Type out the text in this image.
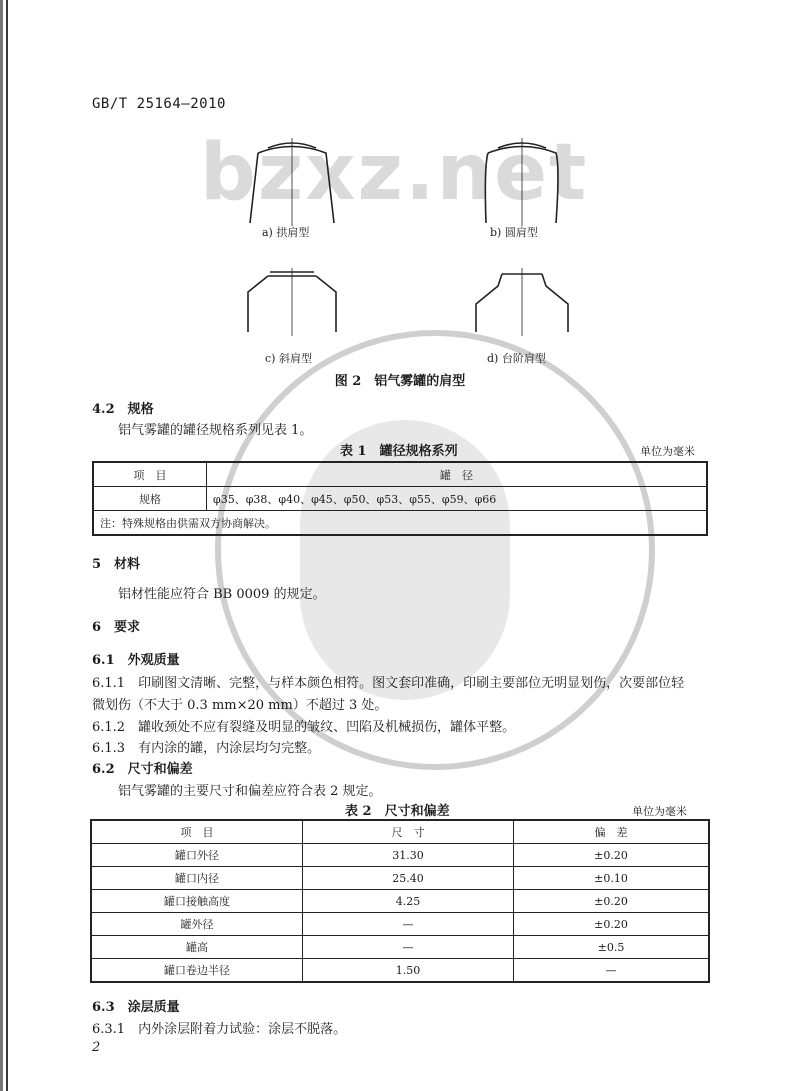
GB/T 25164—2010
bzxz.net
a) 拱肩型	b) 圆肩型
c) 斜肩型	d) 台阶肩型
图 2　铝气雾罐的肩型
4.2　规格
铝气雾罐的罐径规格系列见表 1。
表 1　罐径规格系列	单位为毫米
项　目	罐　径
规格	φ35、φ38、φ40、φ45、φ50、φ53、φ55、φ59、φ66
注：特殊规格由供需双方协商解决。	
5　材料
铝材性能应符合 BB 0009 的规定。
6　要求
6.1　外观质量
6.1.1　印刷图文清晰、完整，与样本颜色相符。图文套印准确，印刷主要部位无明显划伤，次要部位轻
微划伤（不大于 0.3 mm×20 mm）不超过 3 处。
6.1.2　罐收颈处不应有裂缝及明显的皱纹、凹陷及机械损伤，罐体平整。
6.1.3　有内涂的罐，内涂层均匀完整。
6.2　尺寸和偏差
铝气雾罐的主要尺寸和偏差应符合表 2 规定。
表 2　尺寸和偏差	单位为毫米
项　目	尺　寸	偏　差
罐口外径	31.30	±0.20
罐口内径	25.40	±0.10
罐口接触高度	4.25	±0.20
罐外径	—	±0.20
罐高	—	±0.5
罐口卷边半径	1.50	—
6.3　涂层质量
6.3.1　内外涂层附着力试验：涂层不脱落。
2
